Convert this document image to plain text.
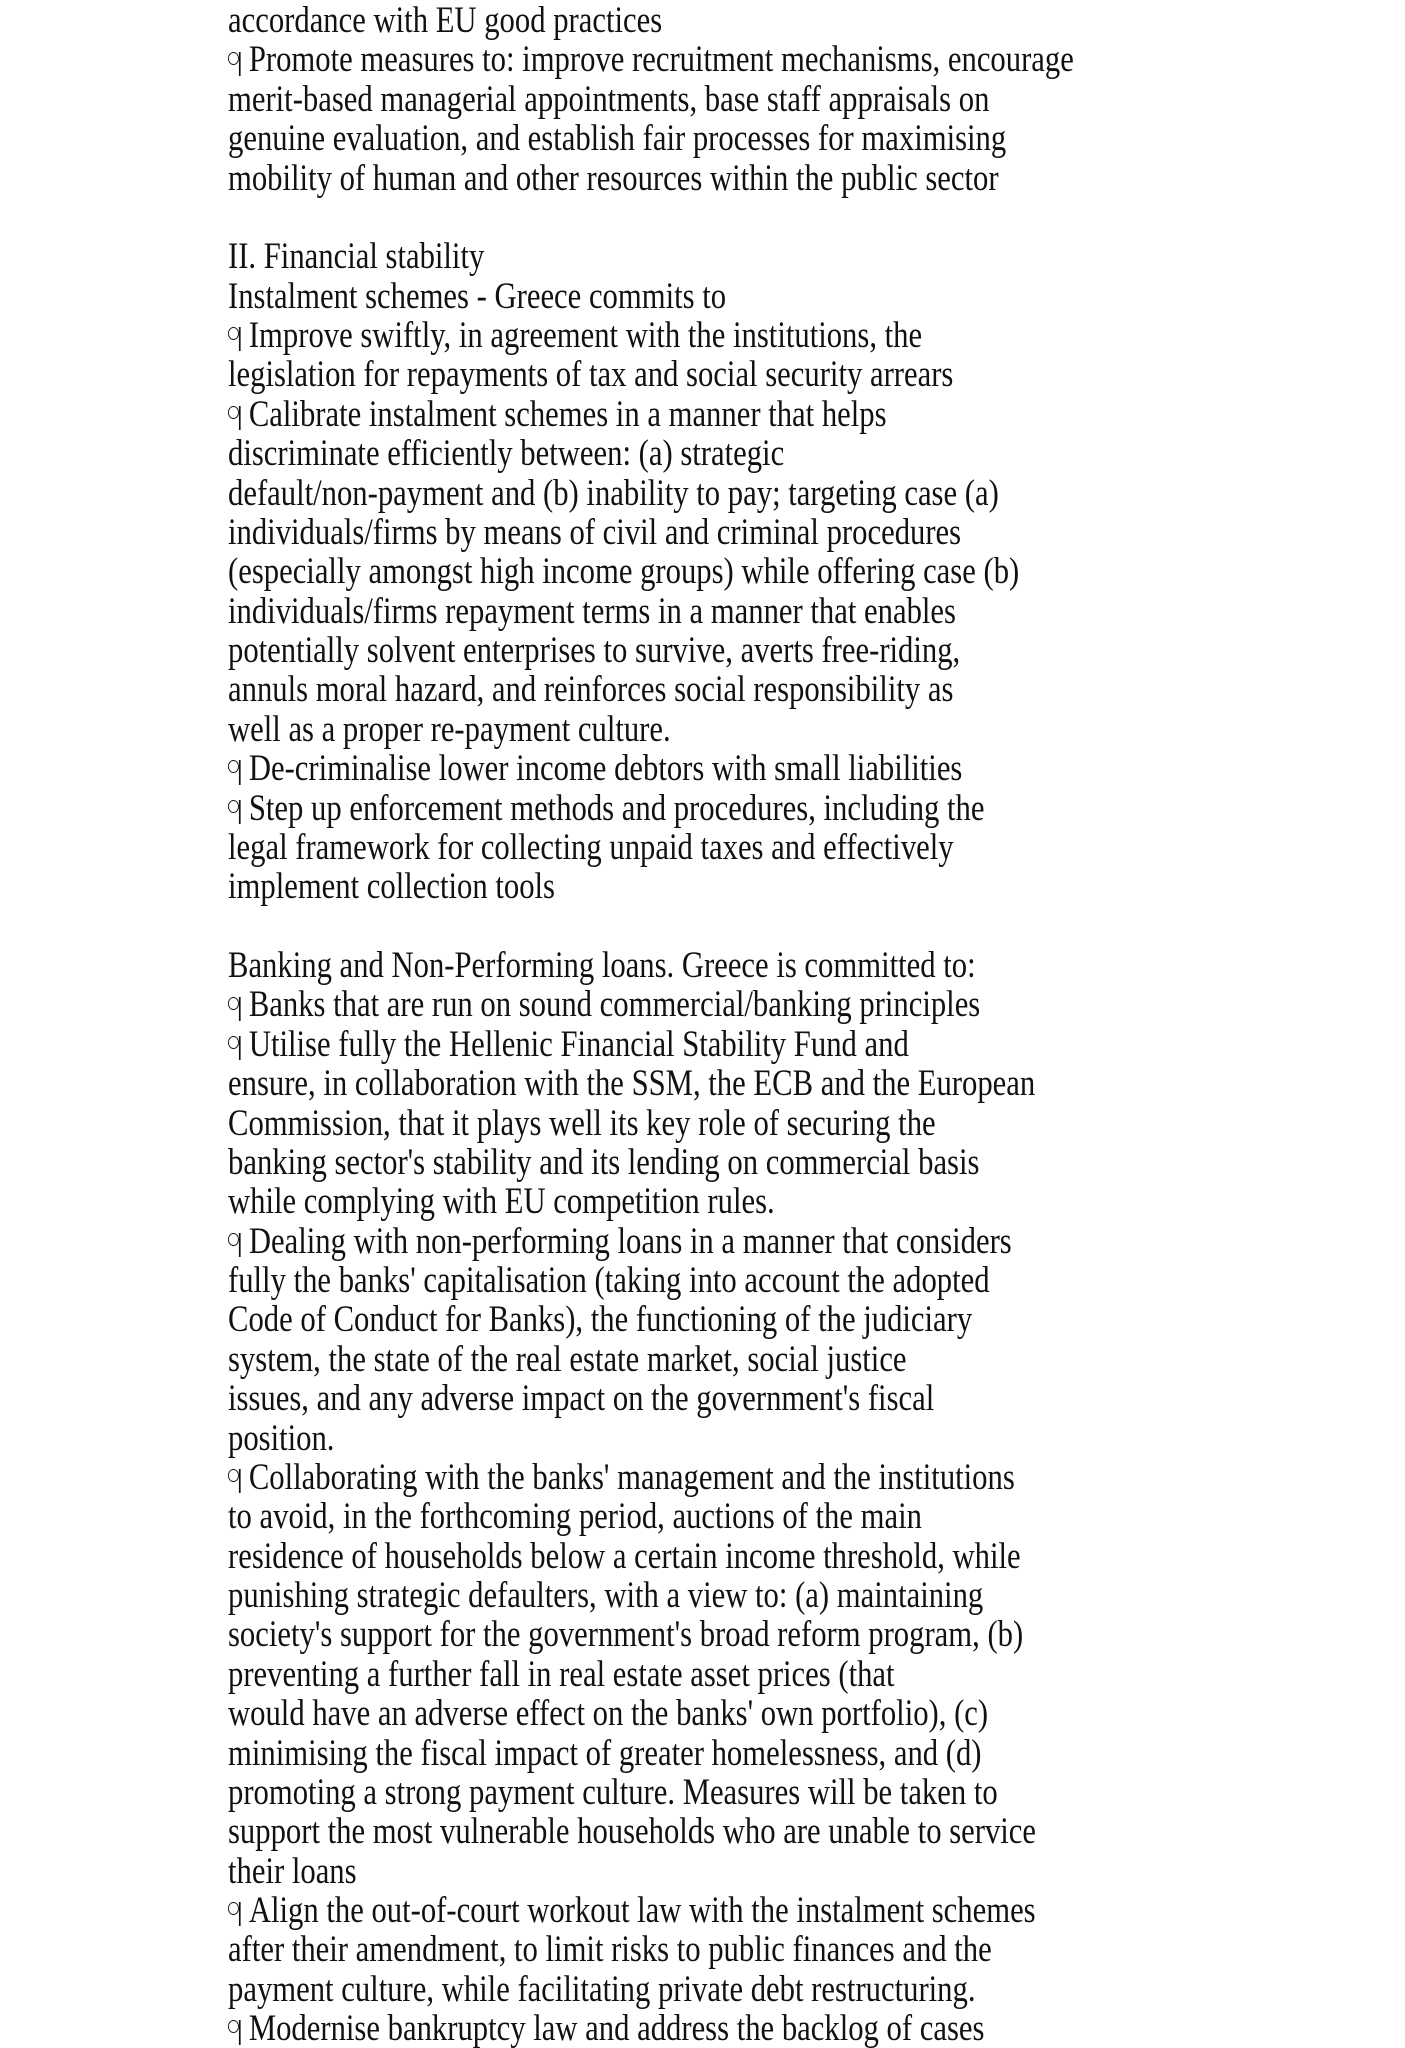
accordance with EU good practices
Promote measures to: improve recruitment mechanisms, encourage
merit-based managerial appointments, base staff appraisals on
genuine evaluation, and establish fair processes for maximising
mobility of human and other resources within the public sector
II. Financial stability
Instalment schemes - Greece commits to
Improve swiftly, in agreement with the institutions, the
legislation for repayments of tax and social security arrears
Calibrate instalment schemes in a manner that helps
discriminate efficiently between: (a) strategic
default/non-payment and (b) inability to pay; targeting case (a)
individuals/firms by means of civil and criminal procedures
(especially amongst high income groups) while offering case (b)
individuals/firms repayment terms in a manner that enables
potentially solvent enterprises to survive, averts free-riding,
annuls moral hazard, and reinforces social responsibility as
well as a proper re-payment culture.
De-criminalise lower income debtors with small liabilities
Step up enforcement methods and procedures, including the
legal framework for collecting unpaid taxes and effectively
implement collection tools
Banking and Non-Performing loans. Greece is committed to:
Banks that are run on sound commercial/banking principles
Utilise fully the Hellenic Financial Stability Fund and
ensure, in collaboration with the SSM, the ECB and the European
Commission, that it plays well its key role of securing the
banking sector's stability and its lending on commercial basis
while complying with EU competition rules.
Dealing with non-performing loans in a manner that considers
fully the banks' capitalisation (taking into account the adopted
Code of Conduct for Banks), the functioning of the judiciary
system, the state of the real estate market, social justice
issues, and any adverse impact on the government's fiscal
position.
Collaborating with the banks' management and the institutions
to avoid, in the forthcoming period, auctions of the main
residence of households below a certain income threshold, while
punishing strategic defaulters, with a view to: (a) maintaining
society's support for the government's broad reform program, (b)
preventing a further fall in real estate asset prices (that
would have an adverse effect on the banks' own portfolio), (c)
minimising the fiscal impact of greater homelessness, and (d)
promoting a strong payment culture. Measures will be taken to
support the most vulnerable households who are unable to service
their loans
Align the out-of-court workout law with the instalment schemes
after their amendment, to limit risks to public finances and the
payment culture, while facilitating private debt restructuring.
Modernise bankruptcy law and address the backlog of cases
